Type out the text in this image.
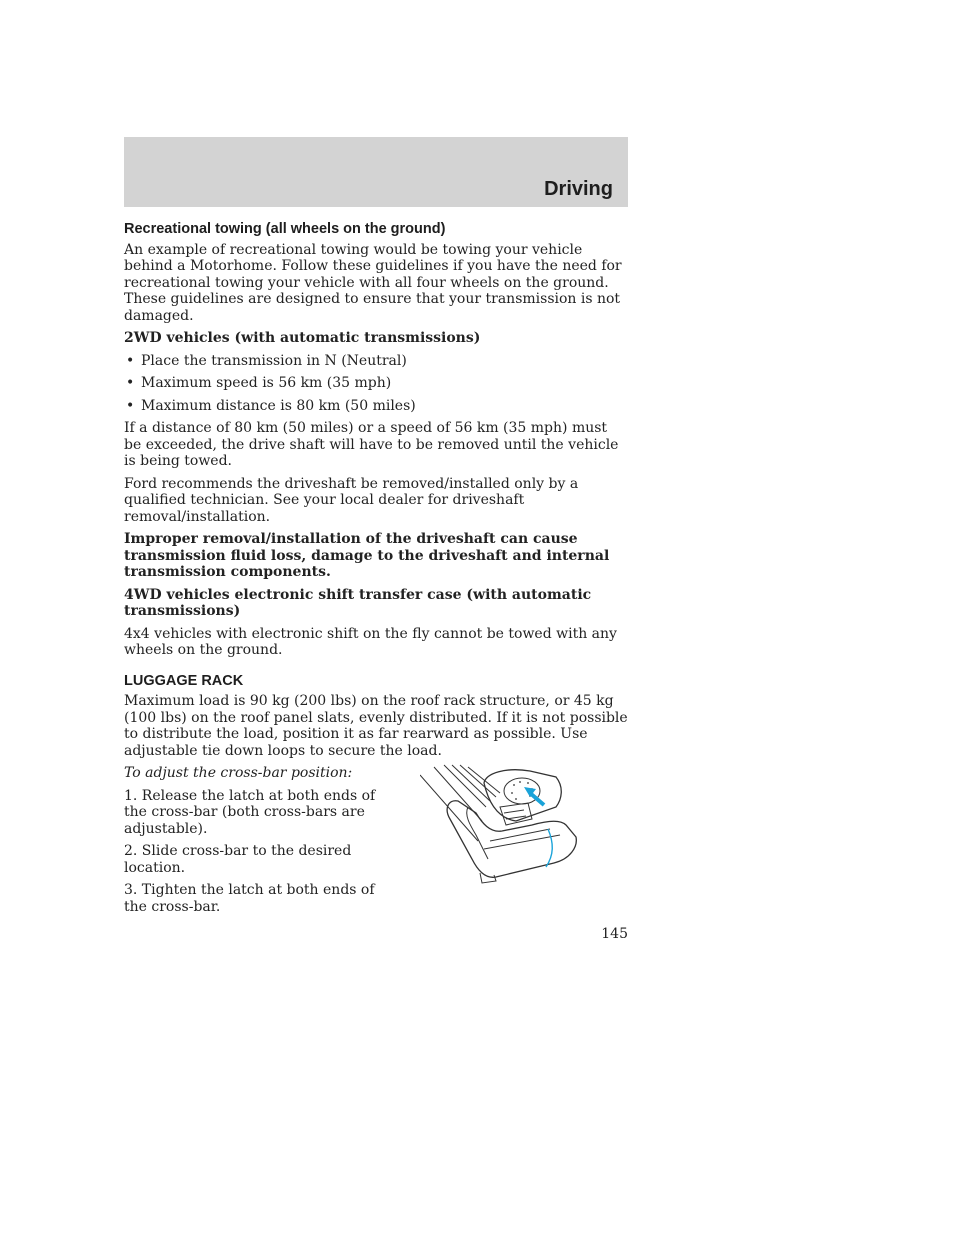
Driving
Recreational towing (all wheels on the ground)

An example of recreational towing would be towing your vehicle behind a Motorhome. Follow these guidelines if you have the need for recreational towing your vehicle with all four wheels on the ground. These guidelines are designed to ensure that your transmission is not damaged.

2WD vehicles (with automatic transmissions)

• Place the transmission in N (Neutral)
• Maximum speed is 56 km (35 mph)
• Maximum distance is 80 km (50 miles)

If a distance of 80 km (50 miles) or a speed of 56 km (35 mph) must be exceeded, the drive shaft will have to be removed until the vehicle is being towed.

Ford recommends the driveshaft be removed/installed only by a qualified technician. See your local dealer for driveshaft removal/installation.

Improper removal/installation of the driveshaft can cause transmission fluid loss, damage to the driveshaft and internal transmission components.

4WD vehicles electronic shift transfer case (with automatic transmissions)

4x4 vehicles with electronic shift on the fly cannot be towed with any wheels on the ground.

LUGGAGE RACK

Maximum load is 90 kg (200 lbs) on the roof rack structure, or 45 kg (100 lbs) on the roof panel slats, evenly distributed. If it is not possible to distribute the load, position it as far rearward as possible. Use adjustable tie down loops to secure the load.

To adjust the cross-bar position:

1. Release the latch at both ends of the cross-bar (both cross-bars are adjustable).

2. Slide cross-bar to the desired location.

3. Tighten the latch at both ends of the cross-bar.

145
